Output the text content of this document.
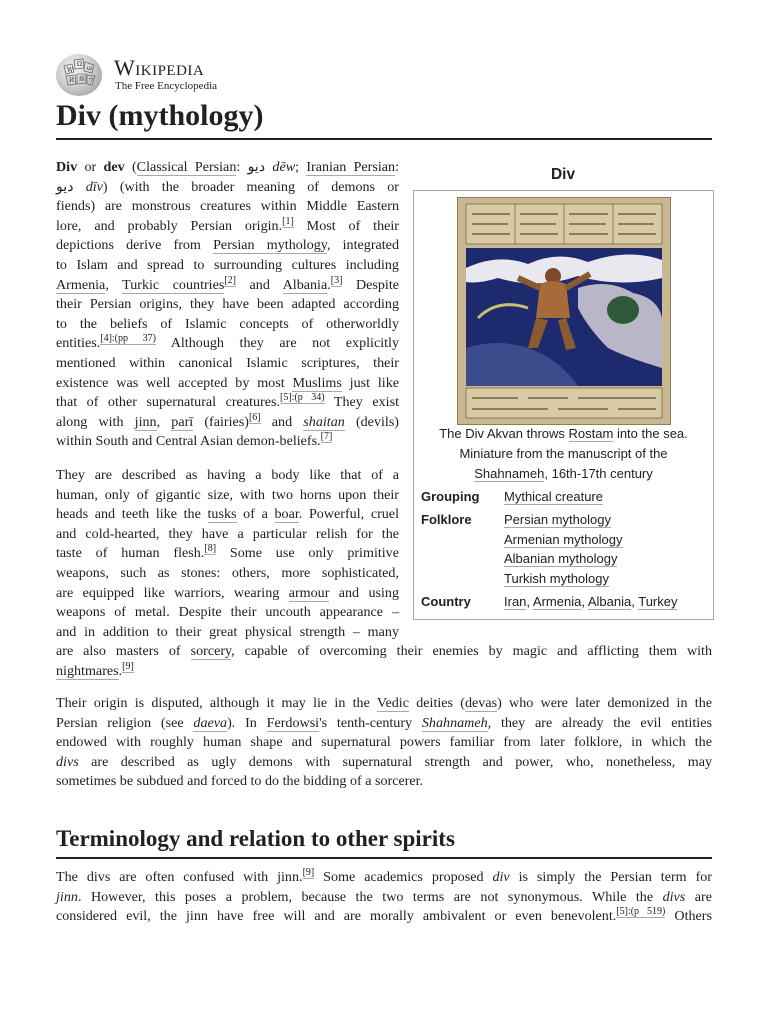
W
Ω
ω
И 維 ウ
Wikipedia
The Free Encyclopedia
Div (mythology)
Div or dev (Classical Persian: ديو dēw; Iranian Persian:
ديو dīv) (with the broader meaning of demons or
fiends) are monstrous creatures within Middle Eastern
lore, and probably Persian origin.[1] Most of their
depictions derive from Persian mythology, integrated
to Islam and spread to surrounding cultures including
Armenia, Turkic countries[2] and Albania.[3] Despite
their Persian origins, they have been adapted according
to the beliefs of Islamic concepts of otherworldly
entities.$^{[4]:(pp 37)}$ Although they are not explicitly
mentioned within canonical Islamic scriptures, their
existence was well accepted by most Muslims just like
that of other supernatural creatures.$^{[5]:(p 34)}$ They exist
along with jinn, parī (fairies)[6] and shaitan (devils)
within South and Central Asian demon-beliefs.[7]
They are described as having a body like that of a
human, only of gigantic size, with two horns upon their
heads and teeth like the tusks of a boar. Powerful, cruel
and cold-hearted, they have a particular relish for the
taste of human flesh.[8] Some use only primitive
weapons, such as stones: others, more sophisticated,
are equipped like warriors, wearing armour and using
weapons of metal. Despite their uncouth appearance –
and in addition to their great physical strength – many
are also masters of sorcery, capable of overcoming their enemies by magic and afflicting them with
nightmares.[9]
Their origin is disputed, although it may lie in the Vedic deities (devas) who were later demonized in the
Persian religion (see daeva). In Ferdowsi's tenth-century Shahnameh, they are already the evil entities
endowed with roughly human shape and supernatural powers familiar from later folklore, in which the
divs are described as ugly demons with supernatural strength and power, who, nonetheless, may
sometimes be subdued and forced to do the bidding of a sorcerer.
Terminology and relation to other spirits
The divs are often confused with jinn.[9] Some academics proposed div is simply the Persian term for
jinn. However, this poses a problem, because the two terms are not synonymous. While the divs are
considered evil, the jinn have free will and are morally ambivalent or even benevolent.$^{[5]:(p 519)}$ Others
Div
The Div Akvan throws Rostam into the sea. Miniature from the manuscript of the
Shahnameh, 16th-17th century
Grouping Mythical creature
Folklore Persian mythology
Armenian mythology
Albanian mythology
Turkish mythology
Country	Iran, Armenia, Albania, Turkey
